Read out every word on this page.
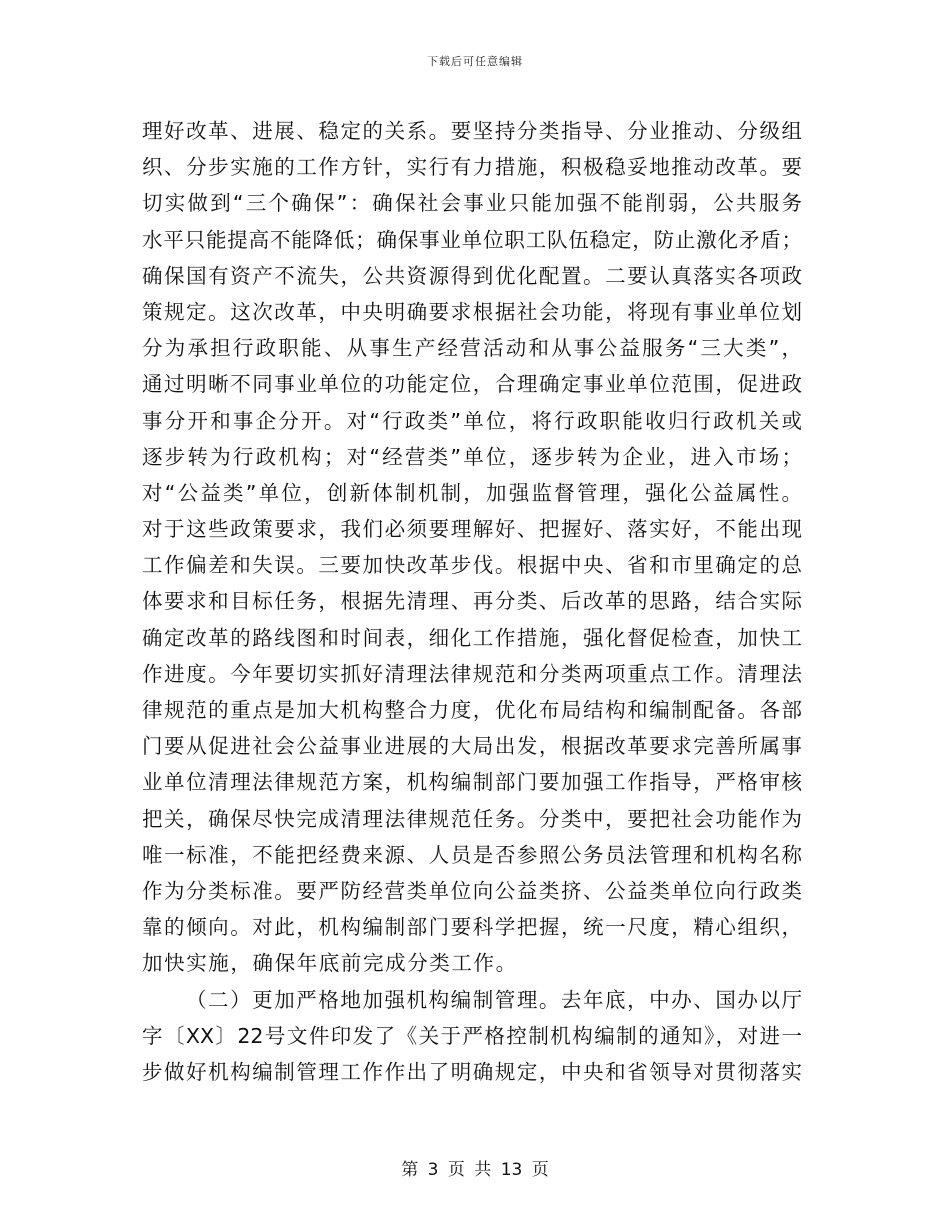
下载后可任意编辑
理好改革、进展、稳定的关系。要坚持分类指导、分业推动、分级组
织、分步实施的工作方针，实行有力措施，积极稳妥地推动改革。要
切实做到“三个确保”：确保社会事业只能加强不能削弱，公共服务
水平只能提高不能降低；确保事业单位职工队伍稳定，防止激化矛盾；
确保国有资产不流失，公共资源得到优化配置。二要认真落实各项政
策规定。这次改革，中央明确要求根据社会功能，将现有事业单位划
分为承担行政职能、从事生产经营活动和从事公益服务“三大类”，
通过明晰不同事业单位的功能定位，合理确定事业单位范围，促进政
事分开和事企分开。对“行政类”单位，将行政职能收归行政机关或
逐步转为行政机构；对“经营类”单位，逐步转为企业，进入市场；
对“公益类”单位，创新体制机制，加强监督管理，强化公益属性。
对于这些政策要求，我们必须要理解好、把握好、落实好，不能出现
工作偏差和失误。三要加快改革步伐。根据中央、省和市里确定的总
体要求和目标任务，根据先清理、再分类、后改革的思路，结合实际
确定改革的路线图和时间表，细化工作措施，强化督促检查，加快工
作进度。今年要切实抓好清理法律规范和分类两项重点工作。清理法
律规范的重点是加大机构整合力度，优化布局结构和编制配备。各部
门要从促进社会公益事业进展的大局出发，根据改革要求完善所属事
业单位清理法律规范方案，机构编制部门要加强工作指导，严格审核
把关，确保尽快完成清理法律规范任务。分类中，要把社会功能作为
唯一标准，不能把经费来源、人员是否参照公务员法管理和机构名称
作为分类标准。要严防经营类单位向公益类挤、公益类单位向行政类
靠的倾向。对此，机构编制部门要科学把握，统一尺度，精心组织，
加快实施，确保年底前完成分类工作。
（二）更加严格地加强机构编制管理。去年底，中办、国办以厅
字〔XX〕22号文件印发了《关于严格控制机构编制的通知》，对进一
步做好机构编制管理工作作出了明确规定，中央和省领导对贯彻落实
第 3 页 共 13 页
